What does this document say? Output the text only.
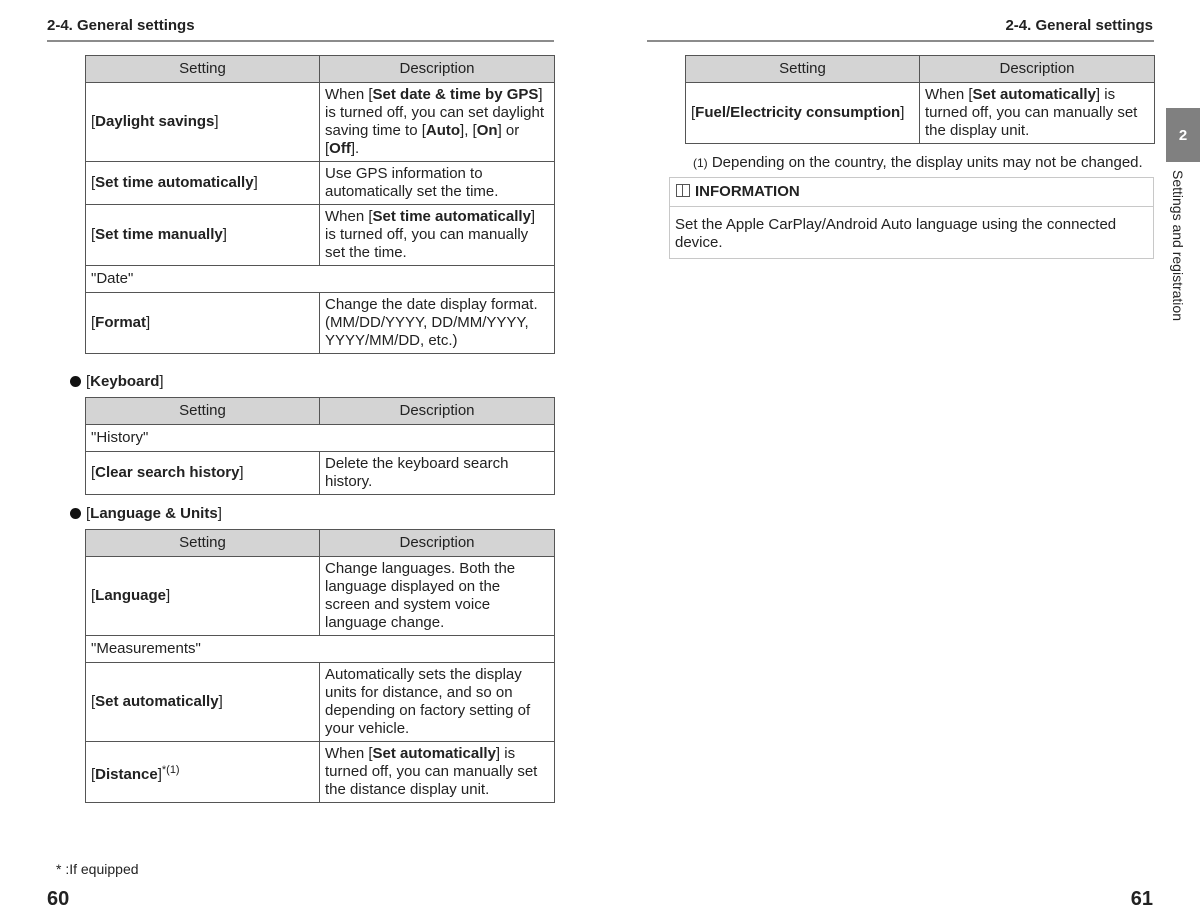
2-4. General settings
Setting	Description
[Daylight savings]	When [Set date & time by GPS] is turned off, you can set daylight saving time to [Auto], [On] or [Off].
[Set time automatically]	Use GPS information to automatically set the time.
[Set time manually]	When [Set time automatically] is turned off, you can manually set the time.
"Date"	
[Format]	Change the date display format. (MM/DD/YYYY, DD/MM/YYYY, YYYY/MM/DD, etc.)
[Keyboard]
Setting	Description
"History"	
[Clear search history]	Delete the keyboard search history.
[Language & Units]
Setting	Description
[Language]	Change languages. Both the language displayed on the screen and system voice language change.
"Measurements"	
[Set automatically]	Automatically sets the display units for distance, and so on depending on factory setting of your vehicle.
[Distance]$^{*(1)}$	When [Set automatically] is turned off, you can manually set the distance display unit.
* :If equipped
60
2-4. General settings
Setting	Description
[Fuel/Electricity consumption]	When [Set automatically] is turned off, you can manually set the display unit.
(1) Depending on the country, the display units may not be changed.
INFORMATION
Set the Apple CarPlay/Android Auto language using the connected device.
2
Settings and registration
61
